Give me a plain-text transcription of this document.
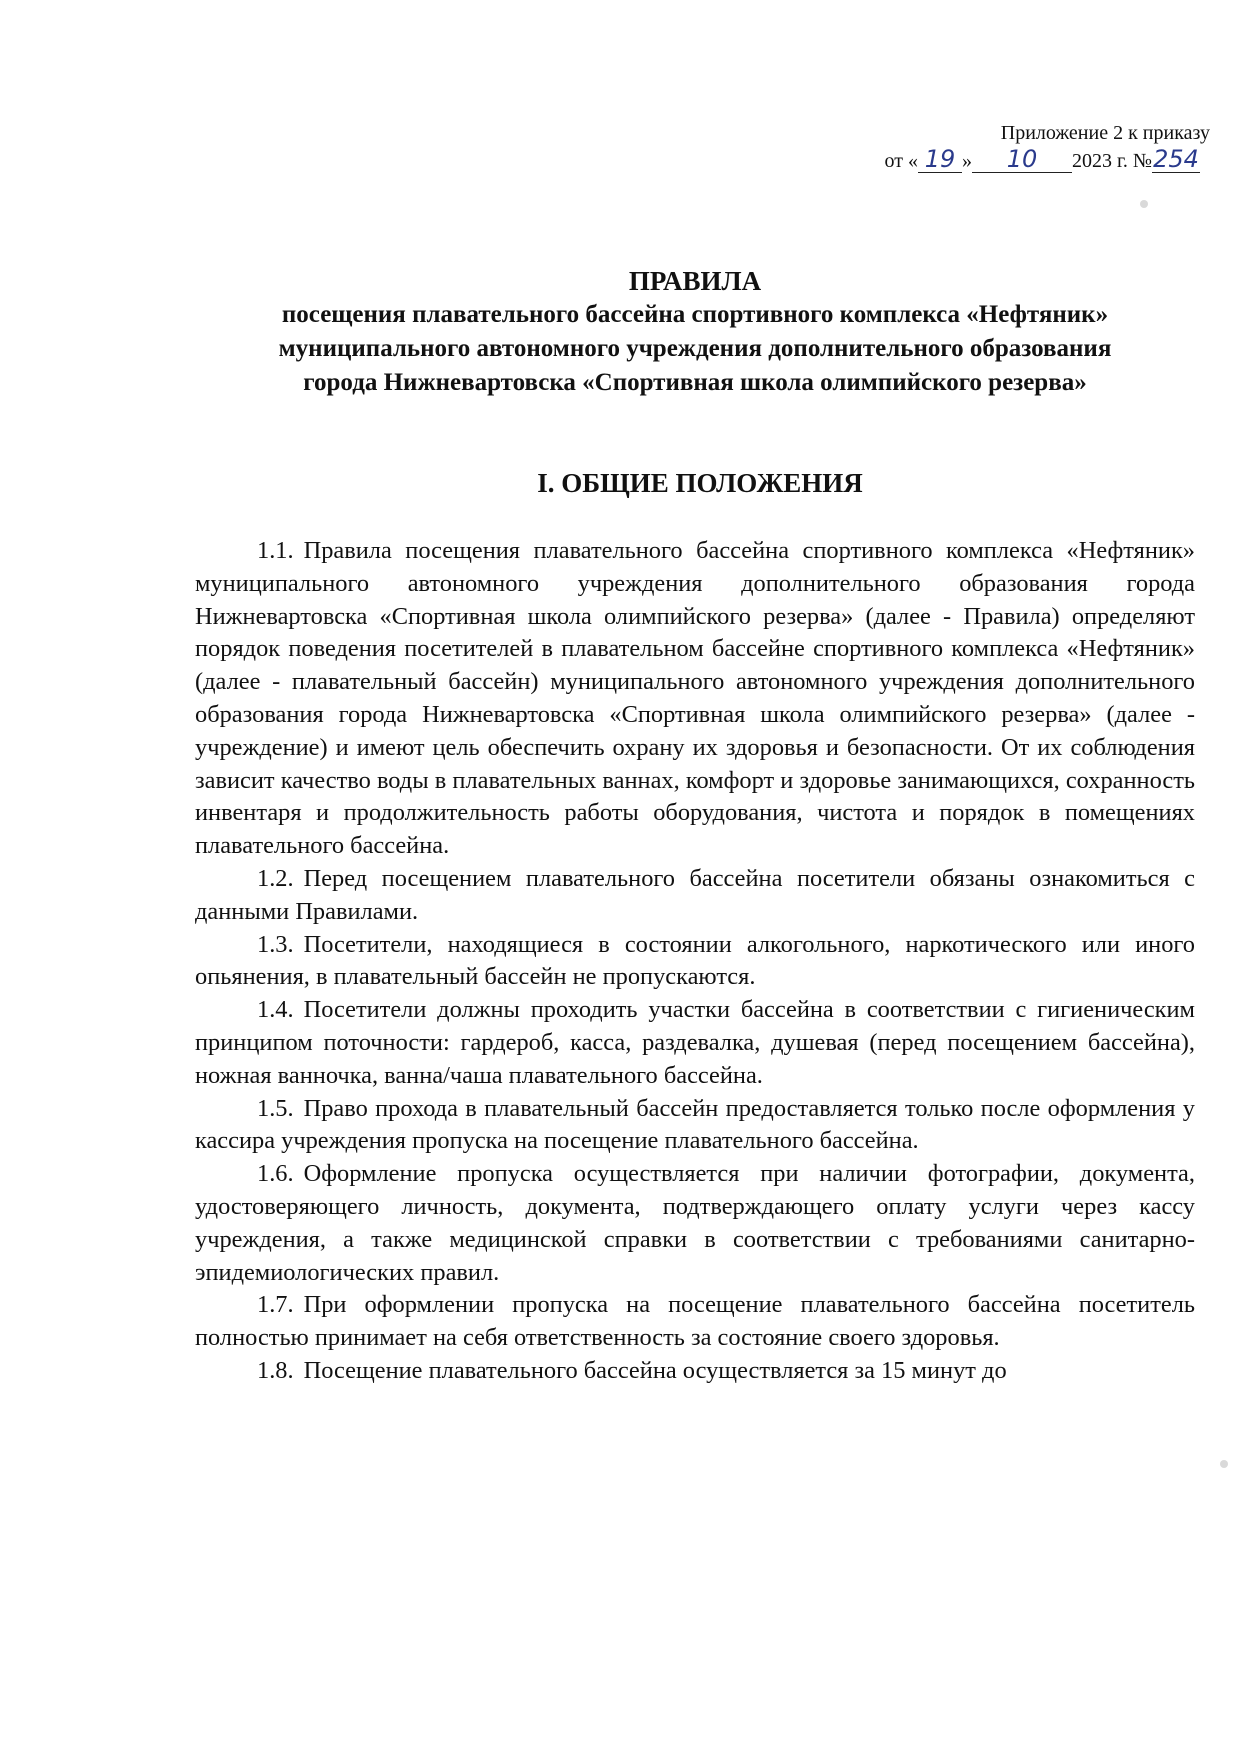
Приложение 2 к приказу
от « 19 » 10 2023 г. №254

ПРАВИЛА

посещения плавательного бассейна спортивного комплекса «Нефтяник»

муниципального автономного учреждения дополнительного образования

города Нижневартовска «Спортивная школа олимпийского резерва»

I. ОБЩИЕ ПОЛОЖЕНИЯ

1.1. Правила посещения плавательного бассейна спортивного комплекса «Нефтяник» муниципального автономного учреждения дополнительного образования города Нижневартовска «Спортивная школа олимпийского резерва» (далее - Правила) определяют порядок поведения посетителей в плавательном бассейне спортивного комплекса «Нефтяник» (далее - плавательный бассейн) муниципального автономного учреждения дополнительного образования города Нижневартовска «Спортивная школа олимпийского резерва» (далее - учреждение) и имеют цель обеспечить охрану их здоровья и безопасности. От их соблюдения зависит качество воды в плавательных ваннах, комфорт и здоровье занимающихся, сохранность инвентаря и продолжительность работы оборудования, чистота и порядок в помещениях плавательного бассейна.

1.2. Перед посещением плавательного бассейна посетители обязаны ознакомиться с данными Правилами.

1.3. Посетители, находящиеся в состоянии алкогольного, наркотического или иного опьянения, в плавательный бассейн не пропускаются.

1.4. Посетители должны проходить участки бассейна в соответствии с гигиеническим принципом поточности: гардероб, касса, раздевалка, душевая (перед посещением бассейна), ножная ванночка, ванна/чаша плавательного бассейна.

1.5. Право прохода в плавательный бассейн предоставляется только после оформления у кассира учреждения пропуска на посещение плавательного бассейна.

1.6. Оформление пропуска осуществляется при наличии фотографии, документа, удостоверяющего личность, документа, подтверждающего оплату услуги через кассу учреждения, а также медицинской справки в соответствии с требованиями санитарно-эпидемиологических правил.

1.7. При оформлении пропуска на посещение плавательного бассейна посетитель полностью принимает на себя ответственность за состояние своего здоровья.

1.8. Посещение плавательного бассейна осуществляется за 15 минут до
